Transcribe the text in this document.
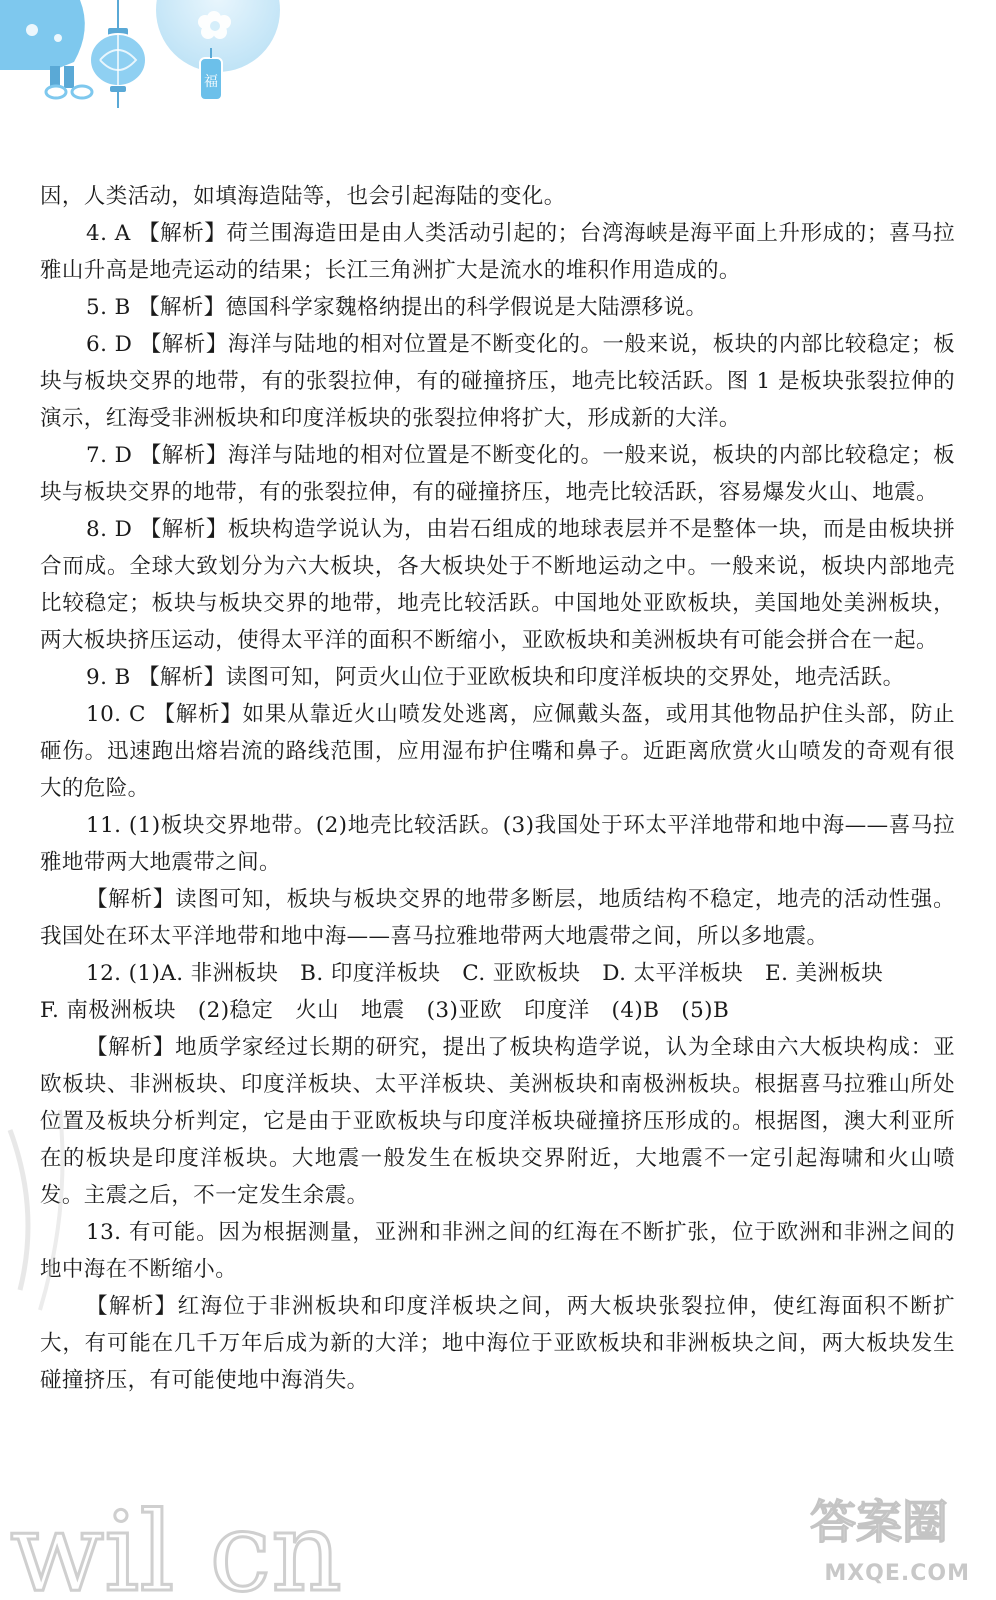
福

因，人类活动，如填海造陆等，也会引起海陆的变化。

4. A 【解析】荷兰围海造田是由人类活动引起的；台湾海峡是海平面上升形成的；喜马拉雅山升高是地壳运动的结果；长江三角洲扩大是流水的堆积作用造成的。

5. B 【解析】德国科学家魏格纳提出的科学假说是大陆漂移说。

6. D 【解析】海洋与陆地的相对位置是不断变化的。一般来说，板块的内部比较稳定；板块与板块交界的地带，有的张裂拉伸，有的碰撞挤压，地壳比较活跃。图 1 是板块张裂拉伸的演示，红海受非洲板块和印度洋板块的张裂拉伸将扩大，形成新的大洋。

7. D 【解析】海洋与陆地的相对位置是不断变化的。一般来说，板块的内部比较稳定；板块与板块交界的地带，有的张裂拉伸，有的碰撞挤压，地壳比较活跃，容易爆发火山、地震。

8. D 【解析】板块构造学说认为，由岩石组成的地球表层并不是整体一块，而是由板块拼合而成。全球大致划分为六大板块，各大板块处于不断地运动之中。一般来说，板块内部地壳比较稳定；板块与板块交界的地带，地壳比较活跃。中国地处亚欧板块，美国地处美洲板块，两大板块挤压运动，使得太平洋的面积不断缩小，亚欧板块和美洲板块有可能会拼合在一起。

9. B 【解析】读图可知，阿贡火山位于亚欧板块和印度洋板块的交界处，地壳活跃。

10. C 【解析】如果从靠近火山喷发处逃离，应佩戴头盔，或用其他物品护住头部，防止砸伤。迅速跑出熔岩流的路线范围，应用湿布护住嘴和鼻子。近距离欣赏火山喷发的奇观有很大的危险。

11. (1)板块交界地带。(2)地壳比较活跃。(3)我国处于环太平洋地带和地中海——喜马拉雅地带两大地震带之间。

【解析】读图可知，板块与板块交界的地带多断层，地质结构不稳定，地壳的活动性强。我国处在环太平洋地带和地中海——喜马拉雅地带两大地震带之间，所以多地震。

12. (1)A. 非洲板块　B. 印度洋板块　C. 亚欧板块　D. 太平洋板块　E. 美洲板块

F. 南极洲板块　(2)稳定　火山　地震　(3)亚欧　印度洋　(4)B　(5)B

【解析】地质学家经过长期的研究，提出了板块构造学说，认为全球由六大板块构成：亚欧板块、非洲板块、印度洋板块、太平洋板块、美洲板块和南极洲板块。根据喜马拉雅山所处位置及板块分析判定，它是由于亚欧板块与印度洋板块碰撞挤压形成的。根据图，澳大利亚所在的板块是印度洋板块。大地震一般发生在板块交界附近，大地震不一定引起海啸和火山喷发。主震之后，不一定发生余震。

13. 有可能。因为根据测量，亚洲和非洲之间的红海在不断扩张，位于欧洲和非洲之间的地中海在不断缩小。

【解析】红海位于非洲板块和印度洋板块之间，两大板块张裂拉伸，使红海面积不断扩大，有可能在几千万年后成为新的大洋；地中海位于亚欧板块和非洲板块之间，两大板块发生碰撞挤压，有可能使地中海消失。

wil cn	答案圈
MXQE.COM
